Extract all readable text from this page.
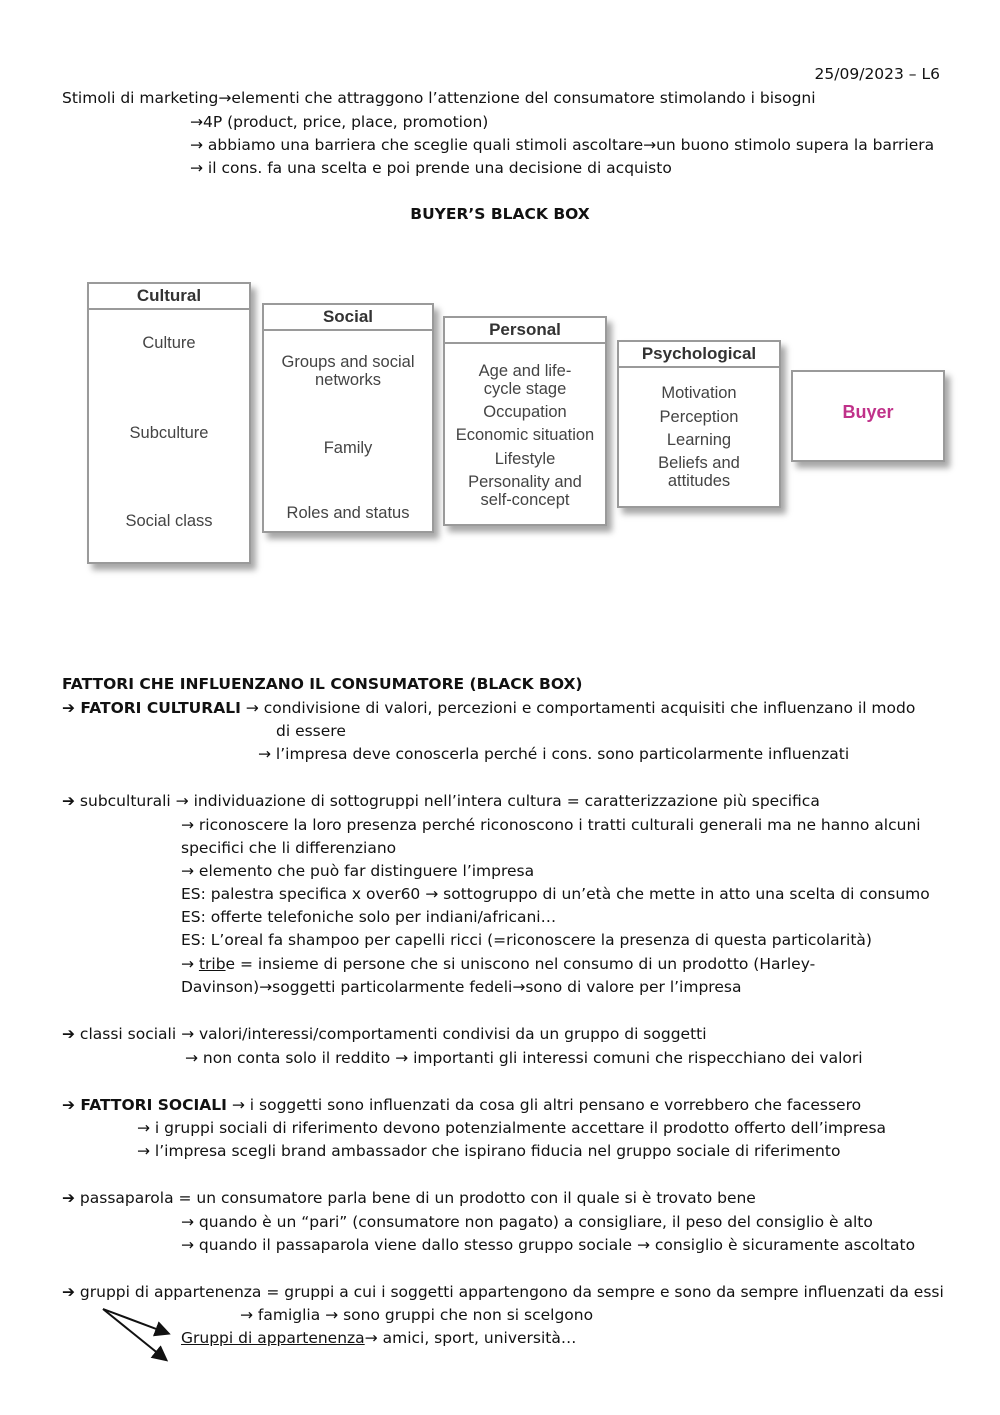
25/09/2023 – L6
Stimoli di marketing→elementi che attraggono l’attenzione del consumatore stimolando i bisogni
→4P (product, price, place, promotion)
→ abbiamo una barriera che sceglie quali stimoli ascoltare→un buono stimolo supera la barriera
→ il cons. fa una scelta e poi prende una decisione di acquisto
BUYER’S BLACK BOX
Cultural
Culture
Subculture
Social class
Social
Groups and social networks
Family
Roles and status
Personal
Age and life-cycle stage
Occupation
Economic situation
Lifestyle
Personality and self-concept
Psychological
Motivation
Perception
Learning
Beliefs and attitudes
Buyer
FATTORI CHE INFLUENZANO IL CONSUMATORE (BLACK BOX)
➔ FATORI CULTURALI → condivisione di valori, percezioni e comportamenti acquisiti che influenzano il modo
di essere
→ l’impresa deve conoscerla perché i cons. sono particolarmente influenzati
➔ subculturali → individuazione di sottogruppi nell’intera cultura = caratterizzazione più specifica
→ riconoscere la loro presenza perché riconoscono i tratti culturali generali ma ne hanno alcuni
specifici che li differenziano
→ elemento che può far distinguere l’impresa
ES: palestra specifica x over60 → sottogruppo di un’età che mette in atto una scelta di consumo
ES: offerte telefoniche solo per indiani/africani…
ES: L’oreal fa shampoo per capelli ricci (=riconoscere la presenza di questa particolarità)
→ tribe = insieme di persone che si uniscono nel consumo di un prodotto (Harley-
Davinson)→soggetti particolarmente fedeli→sono di valore per l’impresa
➔ classi sociali → valori/interessi/comportamenti condivisi da un gruppo di soggetti
→ non conta solo il reddito → importanti gli interessi comuni che rispecchiano dei valori
➔ FATTORI SOCIALI → i soggetti sono influenzati da cosa gli altri pensano e vorrebbero che facessero
→ i gruppi sociali di riferimento devono potenzialmente accettare il prodotto offerto dell’impresa
→ l’impresa scegli brand ambassador che ispirano fiducia nel gruppo sociale di riferimento
➔ passaparola = un consumatore parla bene di un prodotto con il quale si è trovato bene
→ quando è un “pari” (consumatore non pagato) a consigliare, il peso del consiglio è alto
→ quando il passaparola viene dallo stesso gruppo sociale → consiglio è sicuramente ascoltato
➔ gruppi di appartenenza = gruppi a cui i soggetti appartengono da sempre e sono da sempre influenzati da essi
→ famiglia → sono gruppi che non si scelgono
Gruppi di appartenenza→ amici, sport, università…
